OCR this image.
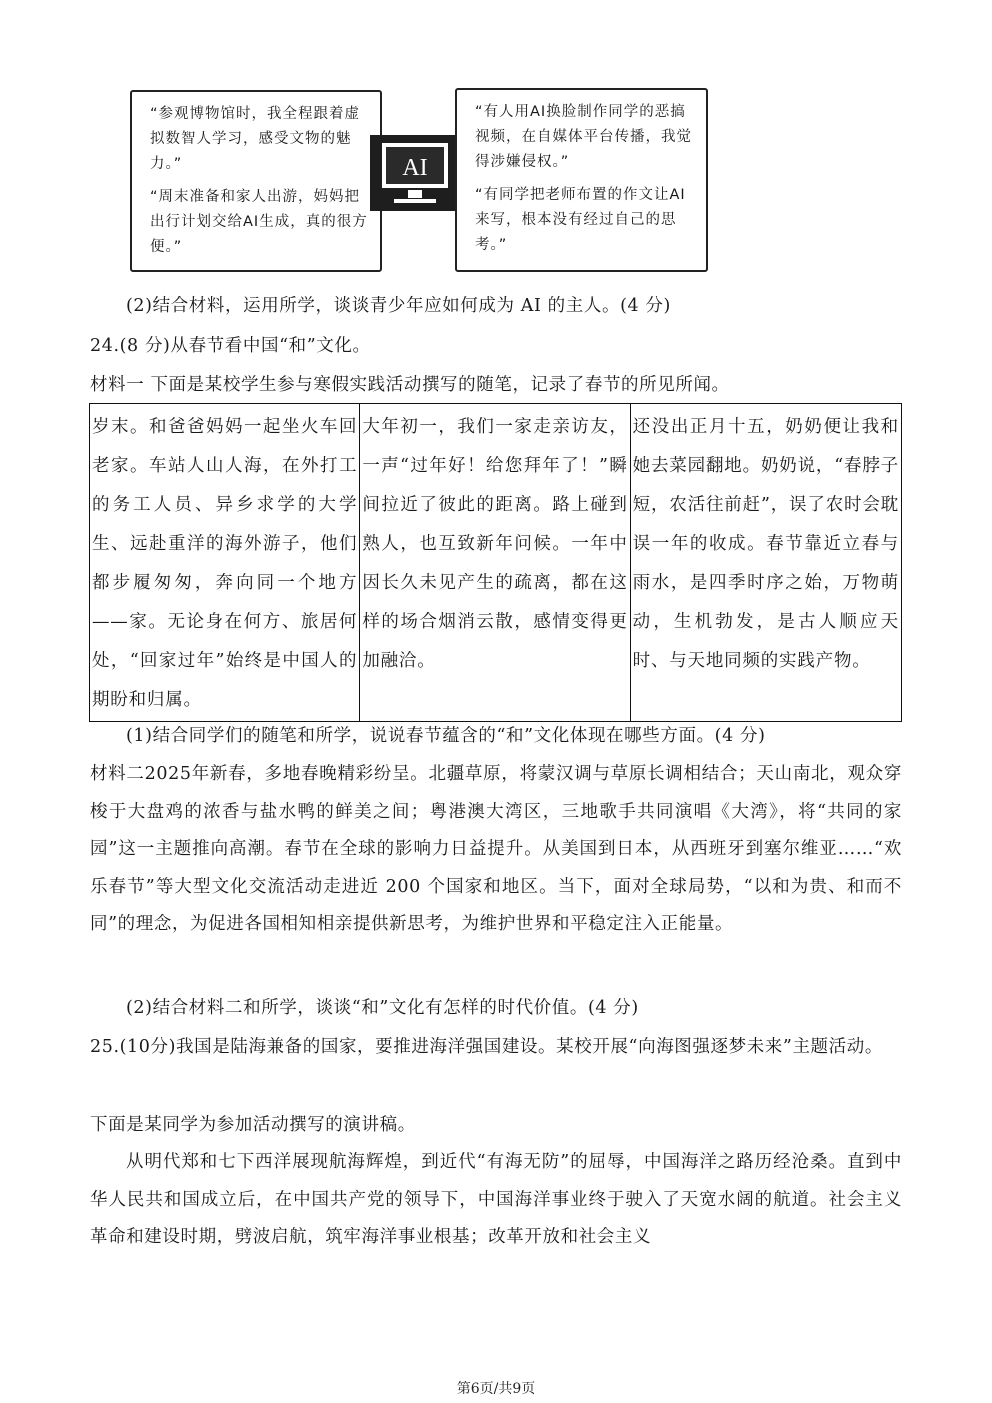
“参观博物馆时，我全程跟着虚拟数智人学习，感受文物的魅力。”

“周末准备和家人出游，妈妈把出行计划交给AI生成，真的很方便。”

AI

“有人用AI换脸制作同学的恶搞视频，在自媒体平台传播，我觉得涉嫌侵权。”

“有同学把老师布置的作文让AI来写，根本没有经过自己的思考。”

(2)结合材料，运用所学，谈谈青少年应如何成为 AI 的主人。(4 分)
24.(8 分)从春节看中国“和”文化。
材料一 下面是某校学生参与寒假实践活动撰写的随笔，记录了春节的所见所闻。
岁末。和爸爸妈妈一起坐火车回老家。车站人山人海，在外打工的务工人员、异乡求学的大学生、远赴重洋的海外游子，他们都步履匆匆，奔向同一个地方——家。无论身在何方、旅居何处，“回家过年”始终是中国人的期盼和归属。
大年初一，我们一家走亲访友，一声“过年好！给您拜年了！”瞬间拉近了彼此的距离。路上碰到熟人，也互致新年问候。一年中因长久未见产生的疏离，都在这样的场合烟消云散，感情变得更加融洽。
还没出正月十五，奶奶便让我和她去菜园翻地。奶奶说，“春脖子短，农活往前赶”，误了农时会耽误一年的收成。春节靠近立春与雨水，是四季时序之始，万物萌动，生机勃发，是古人顺应天时、与天地同频的实践产物。
(1)结合同学们的随笔和所学，说说春节蕴含的“和”文化体现在哪些方面。(4 分)
材料二2025年新春，多地春晚精彩纷呈。北疆草原，将蒙汉调与草原长调相结合；天山南北，观众穿梭于大盘鸡的浓香与盐水鸭的鲜美之间；粤港澳大湾区，三地歌手共同演唱《大湾》，将“共同的家园”这一主题推向高潮。春节在全球的影响力日益提升。从美国到日本，从西班牙到塞尔维亚……“欢乐春节”等大型文化交流活动走进近 200 个国家和地区。当下，面对全球局势，“以和为贵、和而不同”的理念，为促进各国相知相亲提供新思考，为维护世界和平稳定注入正能量。
(2)结合材料二和所学，谈谈“和”文化有怎样的时代价值。(4 分)
25.(10分)我国是陆海兼备的国家，要推进海洋强国建设。某校开展“向海图强逐梦未来”主题活动。
下面是某同学为参加活动撰写的演讲稿。
从明代郑和七下西洋展现航海辉煌，到近代“有海无防”的屈辱，中国海洋之路历经沧桑。直到中华人民共和国成立后，在中国共产党的领导下，中国海洋事业终于驶入了天宽水阔的航道。社会主义革命和建设时期，劈波启航，筑牢海洋事业根基；改革开放和社会主义
第6页/共9页
